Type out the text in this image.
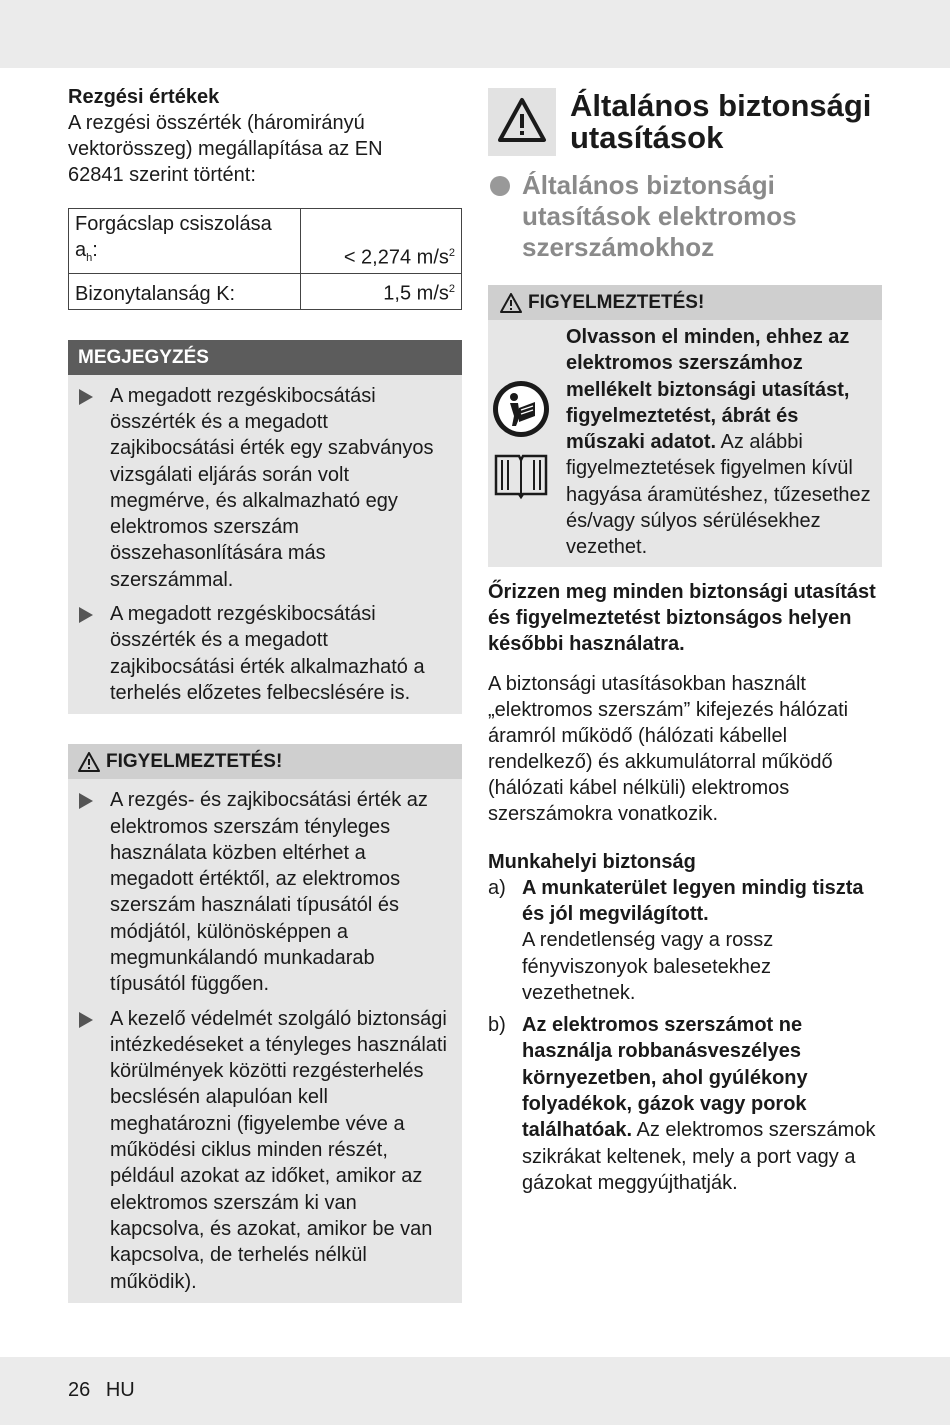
Rezgési értékek
A rezgési összérték (háromirányú vektorösszeg) megállapítása az EN 62841 szerint történt:
Forgácslap csiszolása
$a_h$:	< 2,274 $m/s^2$
Bizonytalanság K:	1,5 $m/s^2$
MEGJEGYZÉS
A megadott rezgéskibocsátási összérték és a megadott zajkibocsátási érték egy szabványos vizsgálati eljárás során volt megmérve, és alkalmazható egy elektromos szerszám összehasonlítására más szerszámmal.
A megadott rezgéskibocsátási összérték és a megadott zajkibocsátási érték alkalmazható a terhelés előzetes felbecslésére is.
FIGYELMEZTETÉS!
A rezgés- és zajkibocsátási érték az elektromos szerszám tényleges használata közben eltérhet a megadott értéktől, az elektromos szerszám használati típusától és módjától, különösképpen a megmunkálandó munkadarab típusától függően.
A kezelő védelmét szolgáló biztonsági intézkedéseket a tényleges használati körülmények közötti rezgésterhelés becslésén alapulóan kell meghatározni (figyelembe véve a működési ciklus minden részét, például azokat az időket, amikor az elektromos szerszám ki van kapcsolva, és azokat, amikor be van kapcsolva, de terhelés nélkül működik).
Általános biztonsági utasítások
Általános biztonsági utasítások elektromos szerszámokhoz
FIGYELMEZTETÉS!
Olvasson el minden, ehhez az elektromos szerszámhoz mellékelt biztonsági utasítást, figyelmeztetést, ábrát és műszaki adatot. Az alábbi figyelmeztetések figyelmen kívül hagyása áramütéshez, tűzesethez és/vagy súlyos sérülésekhez vezethet.
Őrizzen meg minden biztonsági utasítást és figyelmeztetést biztonságos helyen későbbi használatra.
A biztonsági utasításokban használt „elektromos szerszám” kifejezés hálózati áramról működő (hálózati kábellel rendelkező) és akkumulátorral működő (hálózati kábel nélküli) elektromos szerszámokra vonatkozik.
Munkahelyi biztonság
a) A munkaterület legyen mindig tiszta és jól megvilágított.
A rendetlenség vagy a rossz fényviszonyok balesetekhez vezethetnek.
b) Az elektromos szerszámot ne használja robbanásveszélyes környezetben, ahol gyúlékony folyadékok, gázok vagy porok találhatóak. Az elektromos szerszámok szikrákat keltenek, mely a port vagy a gázokat meggyújthatják.
26 HU
